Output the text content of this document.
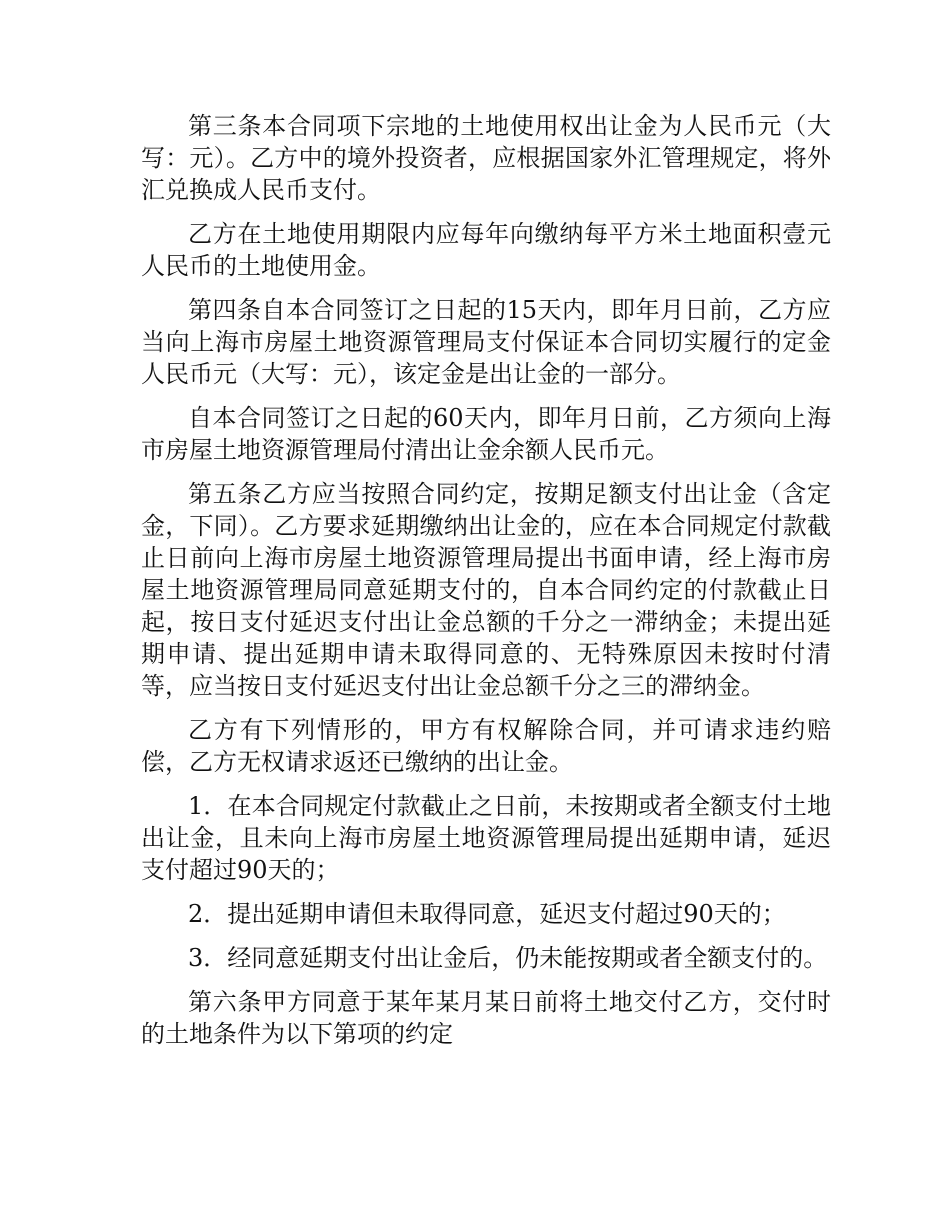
第三条本合同项下宗地的土地使用权出让金为人民币元（大写：元）。乙方中的境外投资者，应根据国家外汇管理规定，将外汇兑换成人民币支付。

乙方在土地使用期限内应每年向缴纳每平方米土地面积壹元人民币的土地使用金。

第四条自本合同签订之日起的15天内，即年月日前，乙方应当向上海市房屋土地资源管理局支付保证本合同切实履行的定金人民币元（大写：元），该定金是出让金的一部分。

自本合同签订之日起的60天内，即年月日前，乙方须向上海市房屋土地资源管理局付清出让金余额人民币元。

第五条乙方应当按照合同约定，按期足额支付出让金（含定金，下同）。乙方要求延期缴纳出让金的，应在本合同规定付款截止日前向上海市房屋土地资源管理局提出书面申请，经上海市房屋土地资源管理局同意延期支付的，自本合同约定的付款截止日起，按日支付延迟支付出让金总额的千分之一滞纳金；未提出延期申请、提出延期申请未取得同意的、无特殊原因未按时付清等，应当按日支付延迟支付出让金总额千分之三的滞纳金。

乙方有下列情形的，甲方有权解除合同，并可请求违约赔偿，乙方无权请求返还已缴纳的出让金。

1．在本合同规定付款截止之日前，未按期或者全额支付土地出让金，且未向上海市房屋土地资源管理局提出延期申请，延迟支付超过90天的；

2．提出延期申请但未取得同意，延迟支付超过90天的；

3．经同意延期支付出让金后，仍未能按期或者全额支付的。

第六条甲方同意于某年某月某日前将土地交付乙方，交付时的土地条件为以下第项的约定
